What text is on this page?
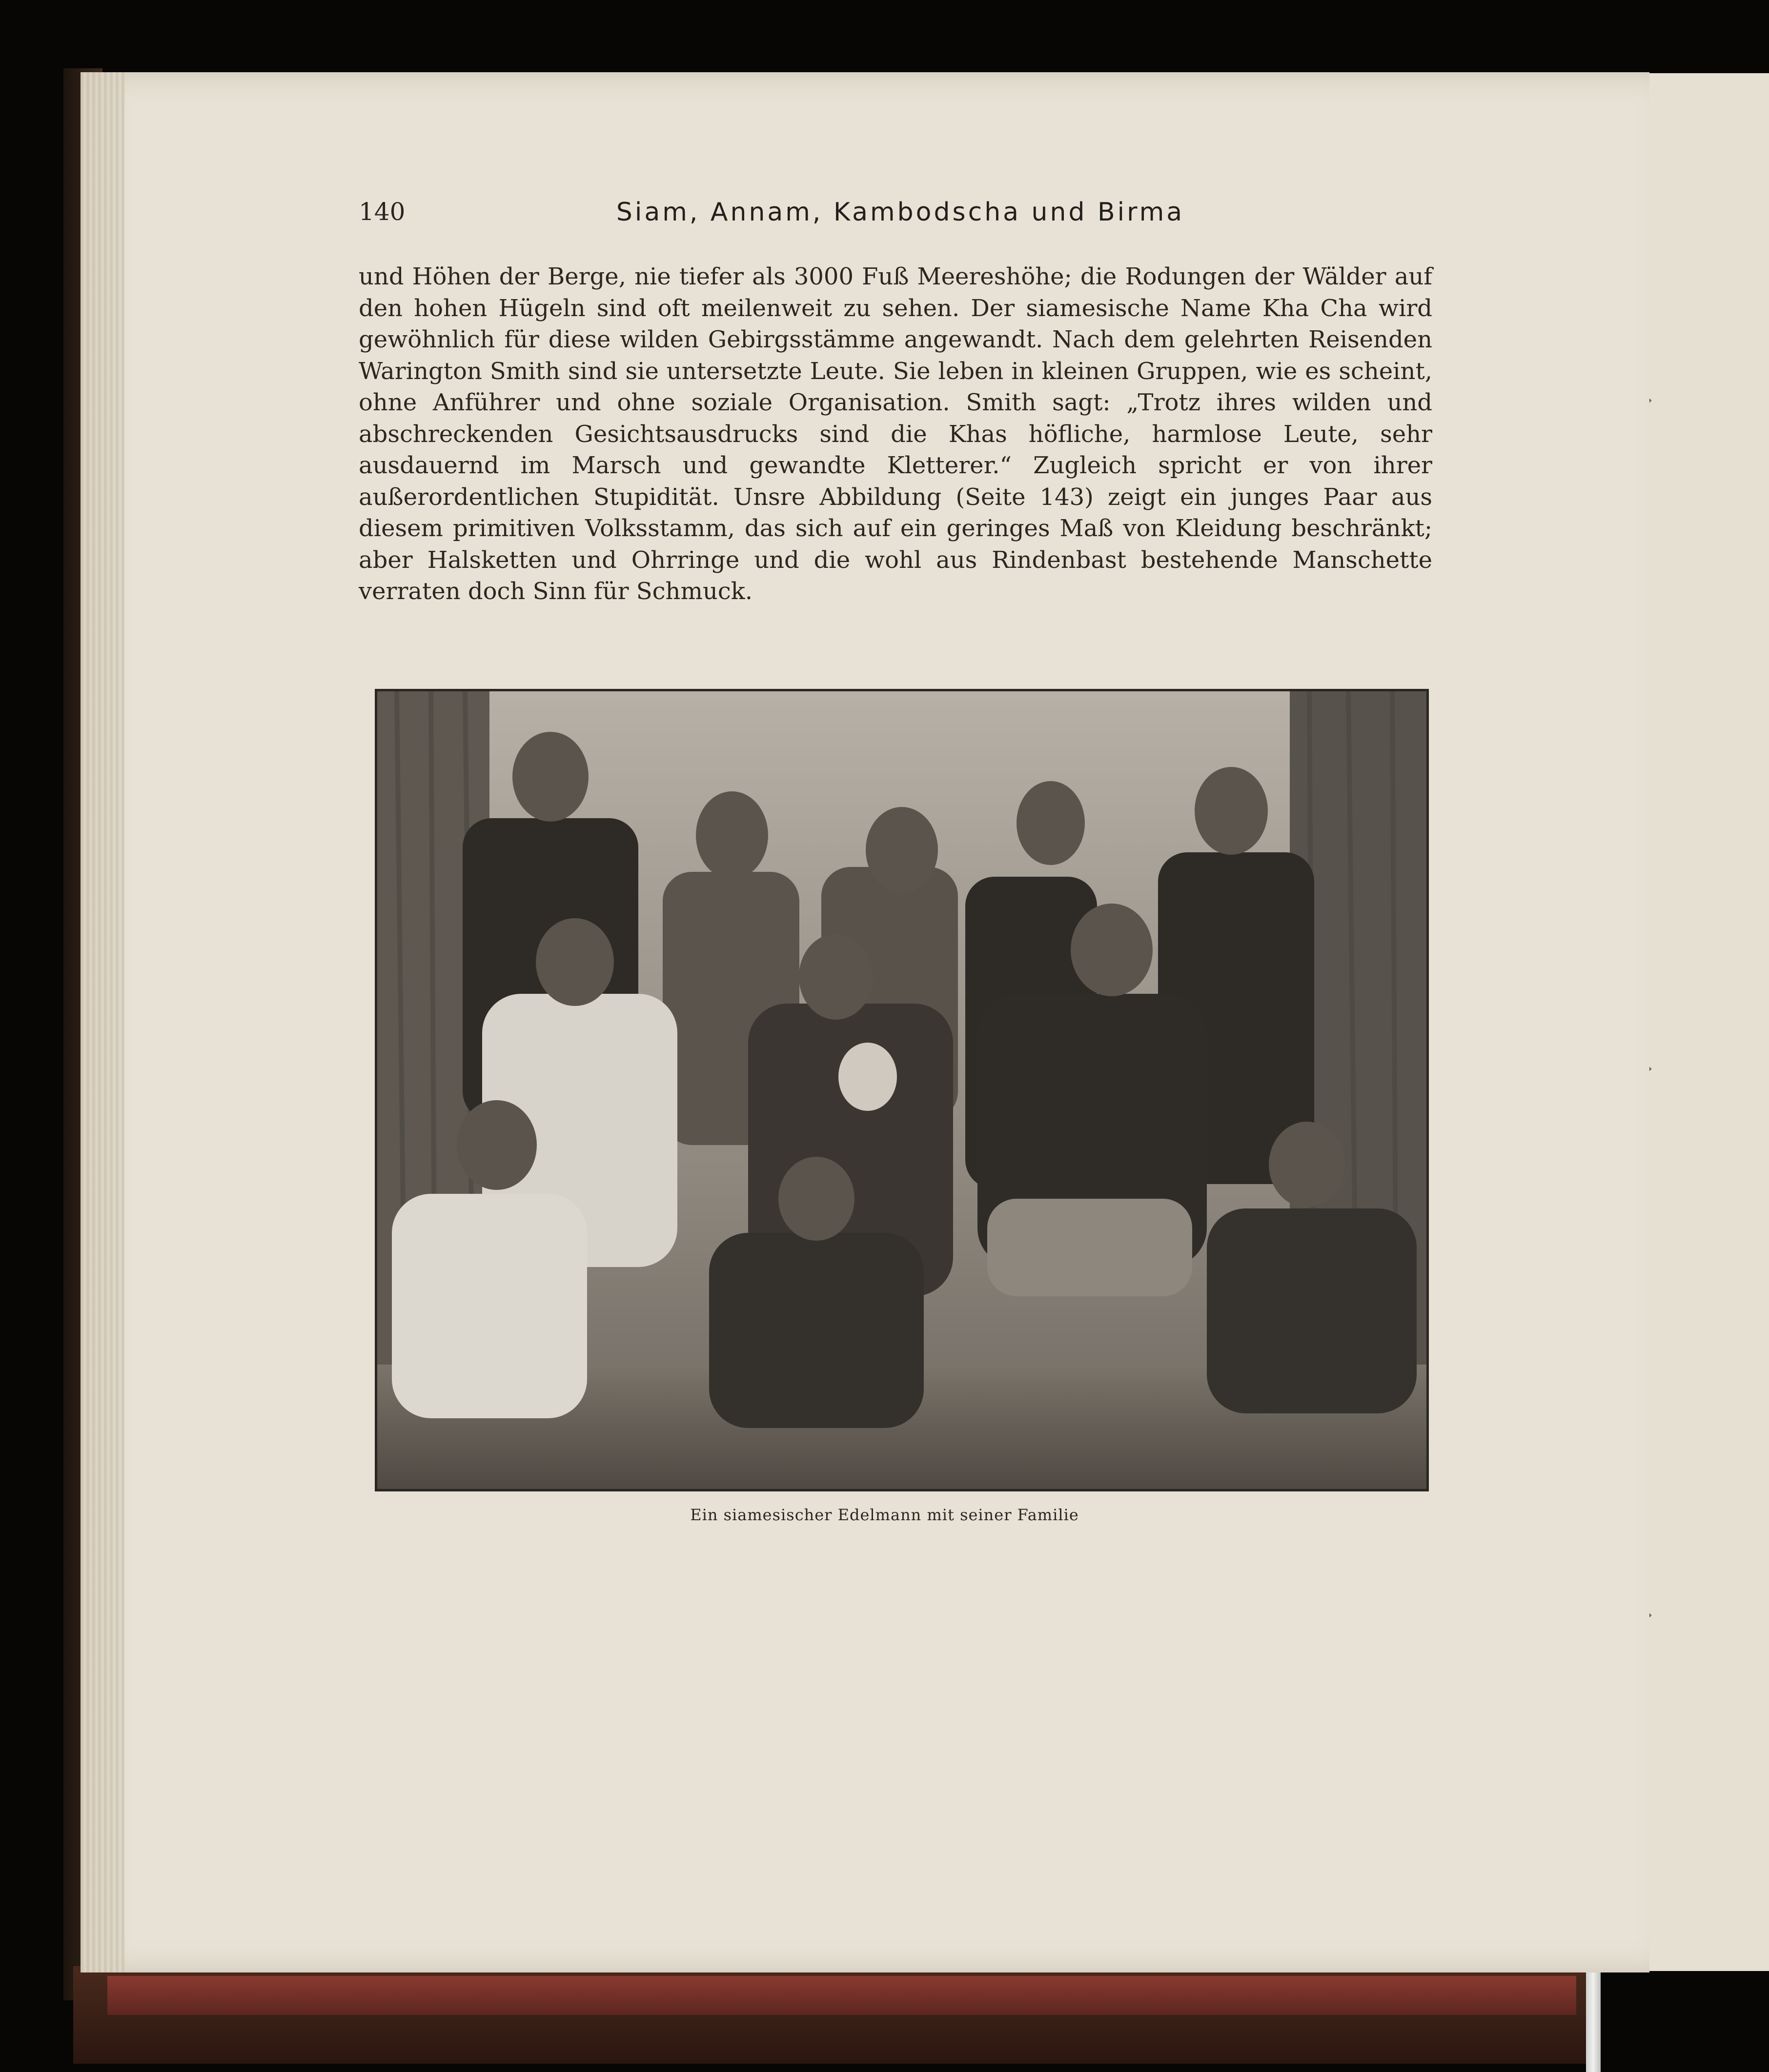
140	Siam, Annam, Kambodscha und Birma

und Höhen der Berge, nie tiefer als 3000 Fuß Meereshöhe; die Rodungen der Wälder auf den hohen Hügeln sind oft meilenweit zu sehen. Der siamesische Name Kha Cha wird gewöhnlich für diese wilden Gebirgsstämme angewandt. Nach dem gelehrten Reisenden Warington Smith sind sie untersetzte Leute. Sie leben in kleinen Gruppen, wie es scheint, ohne Anführer und ohne soziale Organisation. Smith sagt: „Trotz ihres wilden und abschreckenden Gesichtsausdrucks sind die Khas höfliche, harmlose Leute, sehr ausdauernd im Marsch und gewandte Kletterer.“ Zugleich spricht er von ihrer außerordentlichen Stupidität. Unsre Abbildung (Seite 143) zeigt ein junges Paar aus diesem primitiven Volksstamm, das sich auf ein geringes Maß von Kleidung beschränkt; aber Halsketten und Ohrringe und die wohl aus Rindenbast bestehende Manschette verraten doch Sinn für Schmuck.

Ein siamesischer Edelmann mit seiner Familie
